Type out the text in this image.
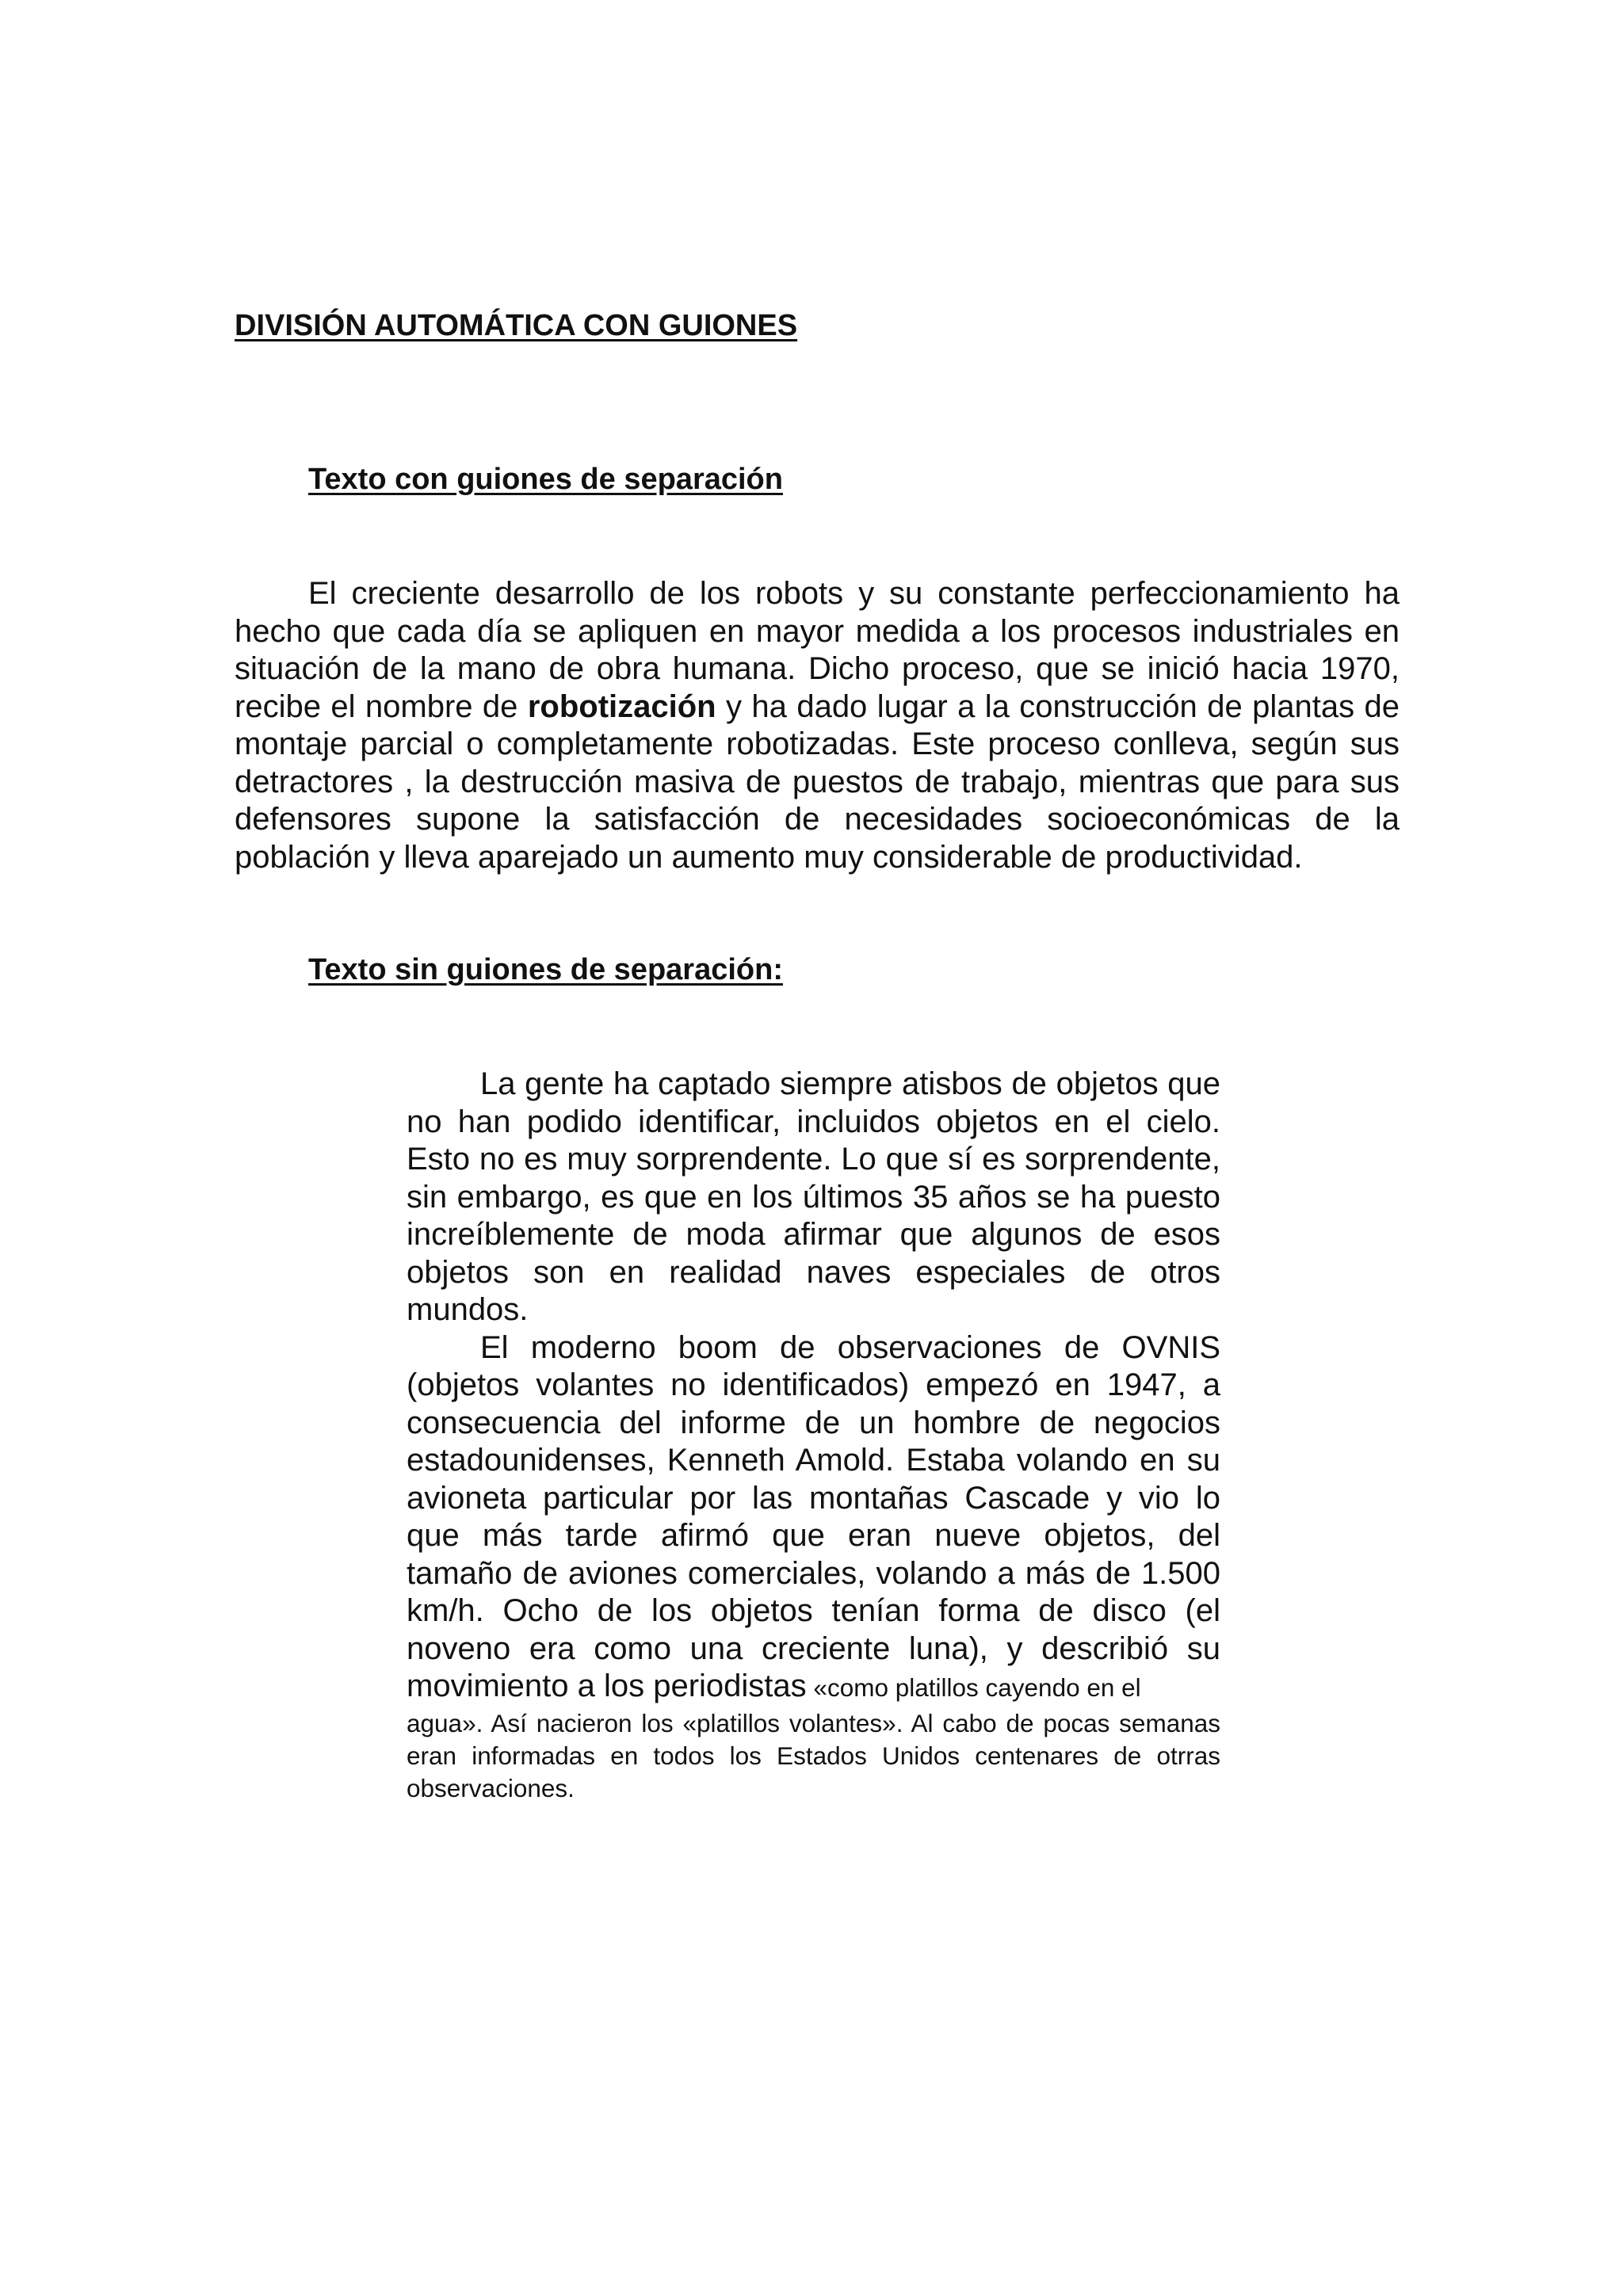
DIVISIÓN AUTOMÁTICA CON GUIONES
Texto con guiones de separación

El creciente desarrollo de los robots y su constante perfeccionamiento ha hecho que cada día se apliquen en mayor medida a los procesos industriales en situación de la mano de obra humana. Dicho proceso, que se inició hacia 1970, recibe el nombre de robotización y ha dado lugar a la construcción de plantas de montaje parcial o completamente robotizadas. Este proceso conlleva, según sus detractores , la destrucción masiva de puestos de trabajo, mientras que para sus defensores supone la satisfacción de necesidades socioeconómicas de la población y lleva aparejado un aumento muy considerable de productividad.

Texto sin guiones de separación:

La gente ha captado siempre atisbos de objetos que no han podido identificar, incluidos objetos en el cielo. Esto no es muy sorprendente. Lo que sí es sorprendente, sin embargo, es que en los últimos 35 años se ha puesto increíblemente de moda afirmar que algunos de esos objetos son en realidad naves especiales de otros mundos.

El moderno boom de observaciones de OVNIS (objetos volantes no identificados) empezó en 1947, a consecuencia del informe de un hombre de negocios estadounidenses, Kenneth Amold. Estaba volando en su avioneta particular por las montañas Cascade y vio lo que más tarde afirmó que eran nueve objetos, del tamaño de aviones comerciales, volando a más de 1.500 km/h. Ocho de los objetos tenían forma de disco (el noveno era como una creciente luna), y describió su movimiento a los periodistas «como platillos cayendo en el

agua». Así nacieron los «platillos volantes». Al cabo de pocas semanas eran informadas en todos los Estados Unidos centenares de otrras observaciones.
